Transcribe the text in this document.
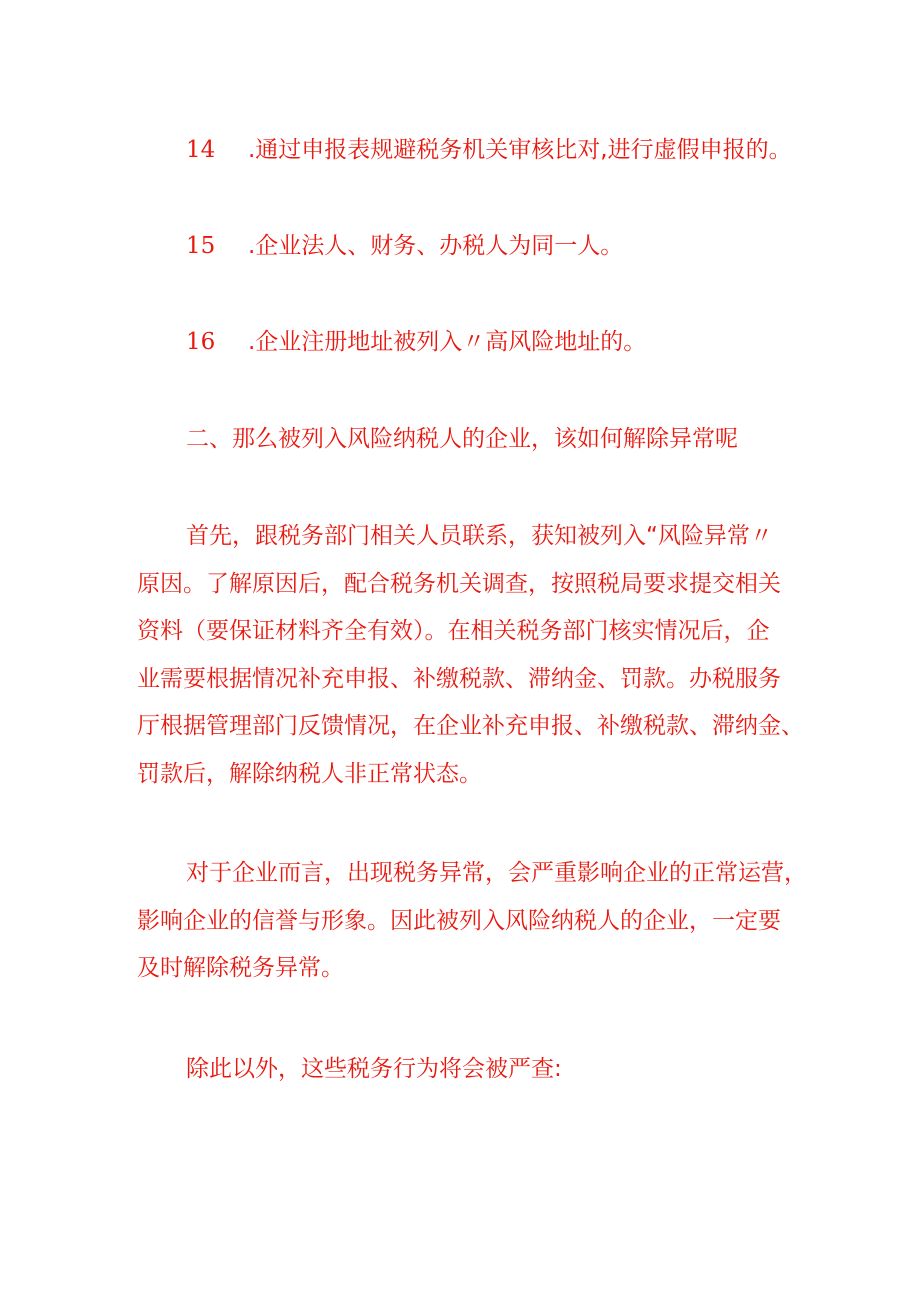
14 .通过申报表规避税务机关审核比对,进行虚假申报的。
15 .企业法人、财务、办税人为同一人。
16 .企业注册地址被列入〃高风险地址的。
二、那么被列入风险纳税人的企业，该如何解除异常呢
首先，跟税务部门相关人员联系，获知被列入“风险异常〃
原因。了解原因后，配合税务机关调查，按照税局要求提交相关
资料（要保证材料齐全有效）。在相关税务部门核实情况后，企
业需要根据情况补充申报、补缴税款、滞纳金、罚款。办税服务
厅根据管理部门反馈情况，在企业补充申报、补缴税款、滞纳金、
罚款后，解除纳税人非正常状态。
对于企业而言，出现税务异常，会严重影响企业的正常运营，
影响企业的信誉与形象。因此被列入风险纳税人的企业，一定要
及时解除税务异常。
除此以外，这些税务行为将会被严查:
